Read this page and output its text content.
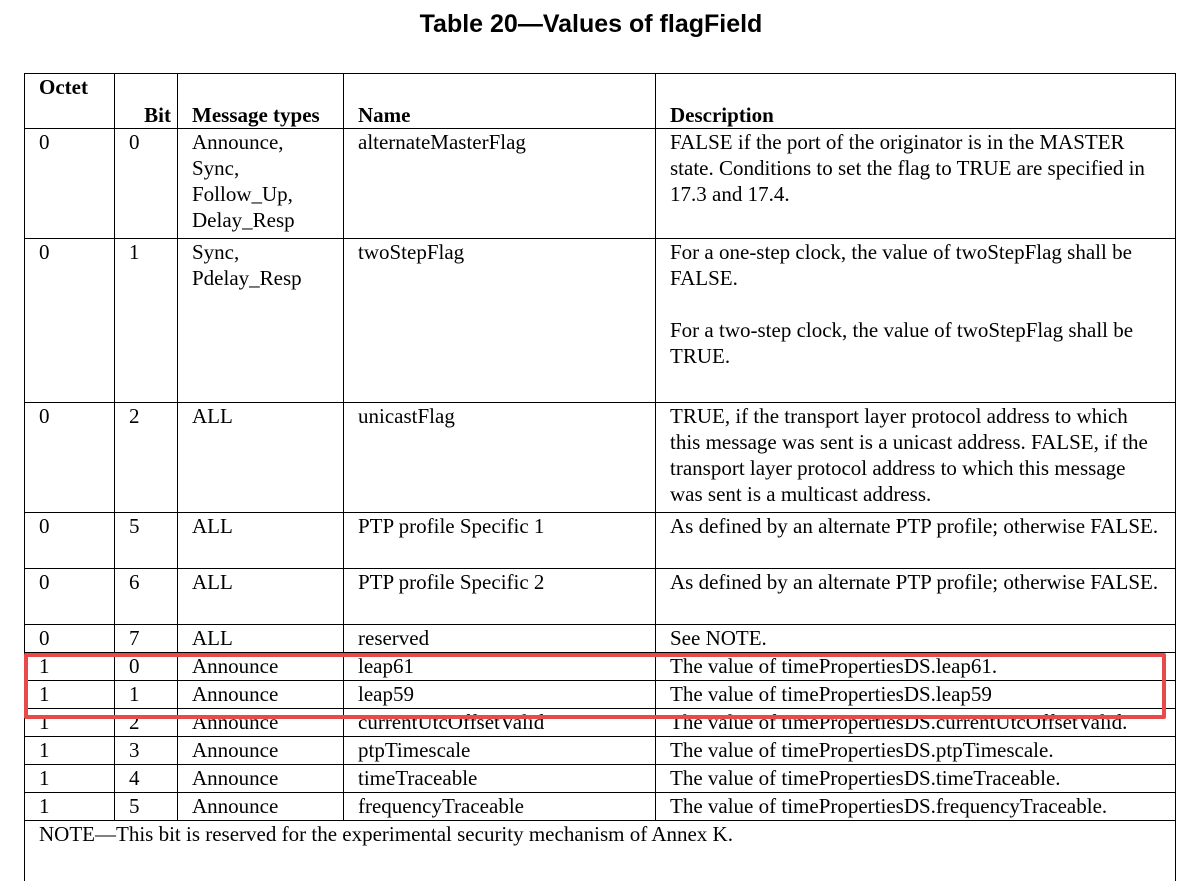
Table 20—Values of flagField
Octet	Bit	Message types	Name	Description
0	0	Announce,
Sync,
Follow_Up,
Delay_Resp	alternateMasterFlag	FALSE if the port of the originator is in the MASTER state. Conditions to set the flag to TRUE are specified in 17.3 and 17.4.

0	1	Sync,
Pdelay_Resp	twoStepFlag	For a one-step clock, the value of twoStepFlag shall be FALSE.
For a two-step clock, the value of twoStepFlag shall be TRUE.

0	2	ALL	unicastFlag	TRUE, if the transport layer protocol address to which this message was sent is a unicast address. FALSE, if the transport layer protocol address to which this message was sent is a multicast address.

0	5	ALL	PTP profile Specific 1	As defined by an alternate PTP profile; otherwise FALSE.

0	6	ALL	PTP profile Specific 2	As defined by an alternate PTP profile; otherwise FALSE.

0	7	ALL	reserved	See NOTE.

1	0	Announce	leap61	The value of timePropertiesDS.leap61.

1	1	Announce	leap59	The value of timePropertiesDS.leap59

1	2	Announce	currentUtcOffsetValid	The value of timePropertiesDS.currentUtcOffsetValid.

1	3	Announce	ptpTimescale	The value of timePropertiesDS.ptpTimescale.

1	4	Announce	timeTraceable	The value of timePropertiesDS.timeTraceable.

1	5	Announce	frequencyTraceable	The value of timePropertiesDS.frequencyTraceable.

NOTE—This bit is reserved for the experimental security mechanism of Annex K.				
